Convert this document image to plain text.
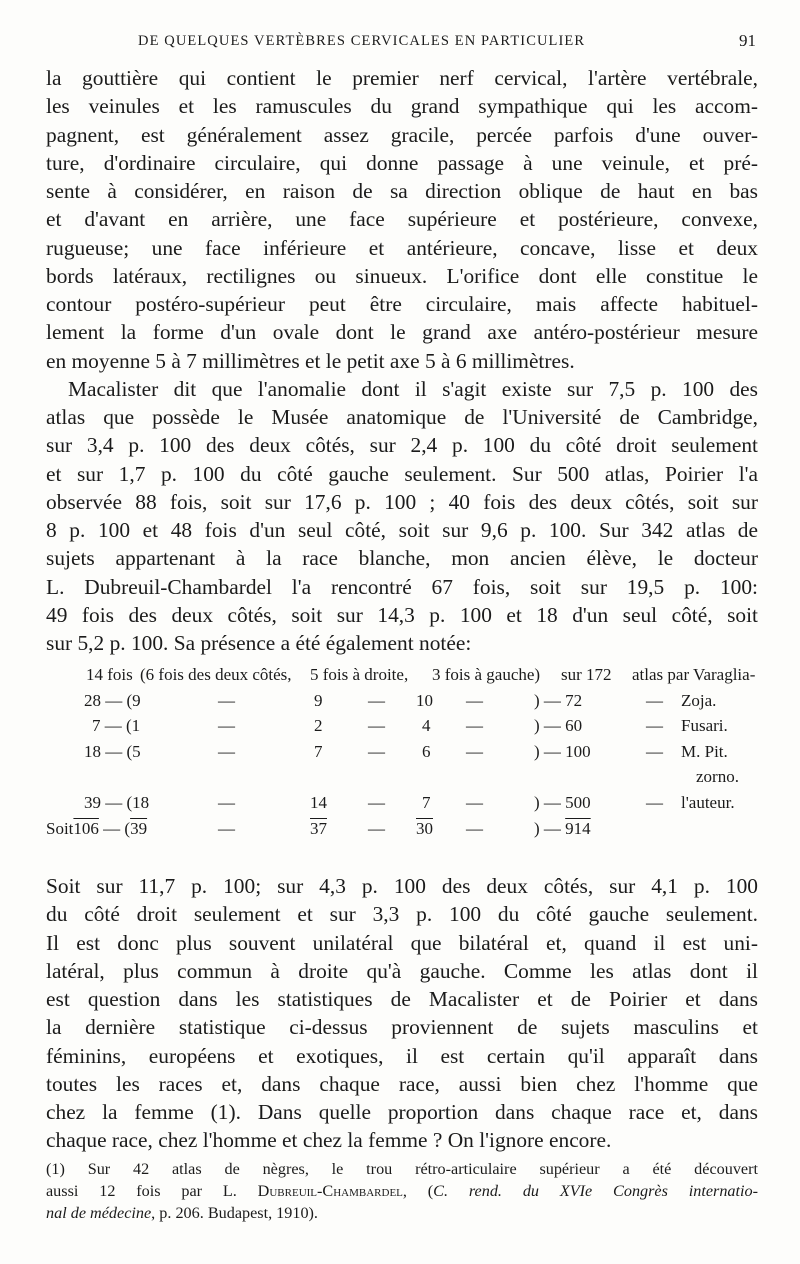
DE QUELQUES VERTÈBRES CERVICALES EN PARTICULIER	91

la gouttière qui contient le premier nerf cervical, l'artère vertébrale,

les veinules et les ramuscules du grand sympathique qui les accom-

pagnent, est généralement assez gracile, percée parfois d'une ouver-

ture, d'ordinaire circulaire, qui donne passage à une veinule, et pré-

sente à considérer, en raison de sa direction oblique de haut en bas

et d'avant en arrière, une face supérieure et postérieure, convexe,

rugueuse; une face inférieure et antérieure, concave, lisse et deux

bords latéraux, rectilignes ou sinueux. L'orifice dont elle constitue le

contour postéro-supérieur peut être circulaire, mais affecte habituel-

lement la forme d'un ovale dont le grand axe antéro-postérieur mesure

en moyenne 5 à 7 millimètres et le petit axe 5 à 6 millimètres.

Macalister dit que l'anomalie dont il s'agit existe sur 7,5 p. 100 des

atlas que possède le Musée anatomique de l'Université de Cambridge,

sur 3,4 p. 100 des deux côtés, sur 2,4 p. 100 du côté droit seulement

et sur 1,7 p. 100 du côté gauche seulement. Sur 500 atlas, Poirier l'a

observée 88 fois, soit sur 17,6 p. 100 ; 40 fois des deux côtés, soit sur

8 p. 100 et 48 fois d'un seul côté, soit sur 9,6 p. 100. Sur 342 atlas de

sujets appartenant à la race blanche, mon ancien élève, le docteur

L. Dubreuil-Chambardel l'a rencontré 67 fois, soit sur 19,5 p. 100:

49 fois des deux côtés, soit sur 14,3 p. 100 et 18 d'un seul côté, soit

sur 5,2 p. 100. Sa présence a été également notée:

14 fois (6 fois des deux côtés, 5 fois à droite, 3 fois à gauche) sur 172 atlas par Varaglia-
28 — (9	—	9	— 10 —	) — 72	— Zoja.
7 — (1	—	2	— 4 —	) — 60	— Fusari.
18 — (5	—	7	— 6 —	) — 100	— M. Pit.
zorno.
39 — (18	—	14 — 7 —	) — 500	— l'auteur.
Soit106 — (39	—	37 — 30 —	) — 914

Soit sur 11,7 p. 100; sur 4,3 p. 100 des deux côtés, sur 4,1 p. 100

du côté droit seulement et sur 3,3 p. 100 du côté gauche seulement.

Il est donc plus souvent unilatéral que bilatéral et, quand il est uni-

latéral, plus commun à droite qu'à gauche. Comme les atlas dont il

est question dans les statistiques de Macalister et de Poirier et dans

la dernière statistique ci-dessus proviennent de sujets masculins et

féminins, européens et exotiques, il est certain qu'il apparaît dans

toutes les races et, dans chaque race, aussi bien chez l'homme que

chez la femme (1). Dans quelle proportion dans chaque race et, dans

chaque race, chez l'homme et chez la femme ? On l'ignore encore.

(1) Sur 42 atlas de nègres, le trou rétro-articulaire supérieur a été découvert

aussi 12 fois par L. Dubreuil-Chambardel, (C. rend. du XVIe Congrès internatio-

nal de médecine, p. 206. Budapest, 1910).
